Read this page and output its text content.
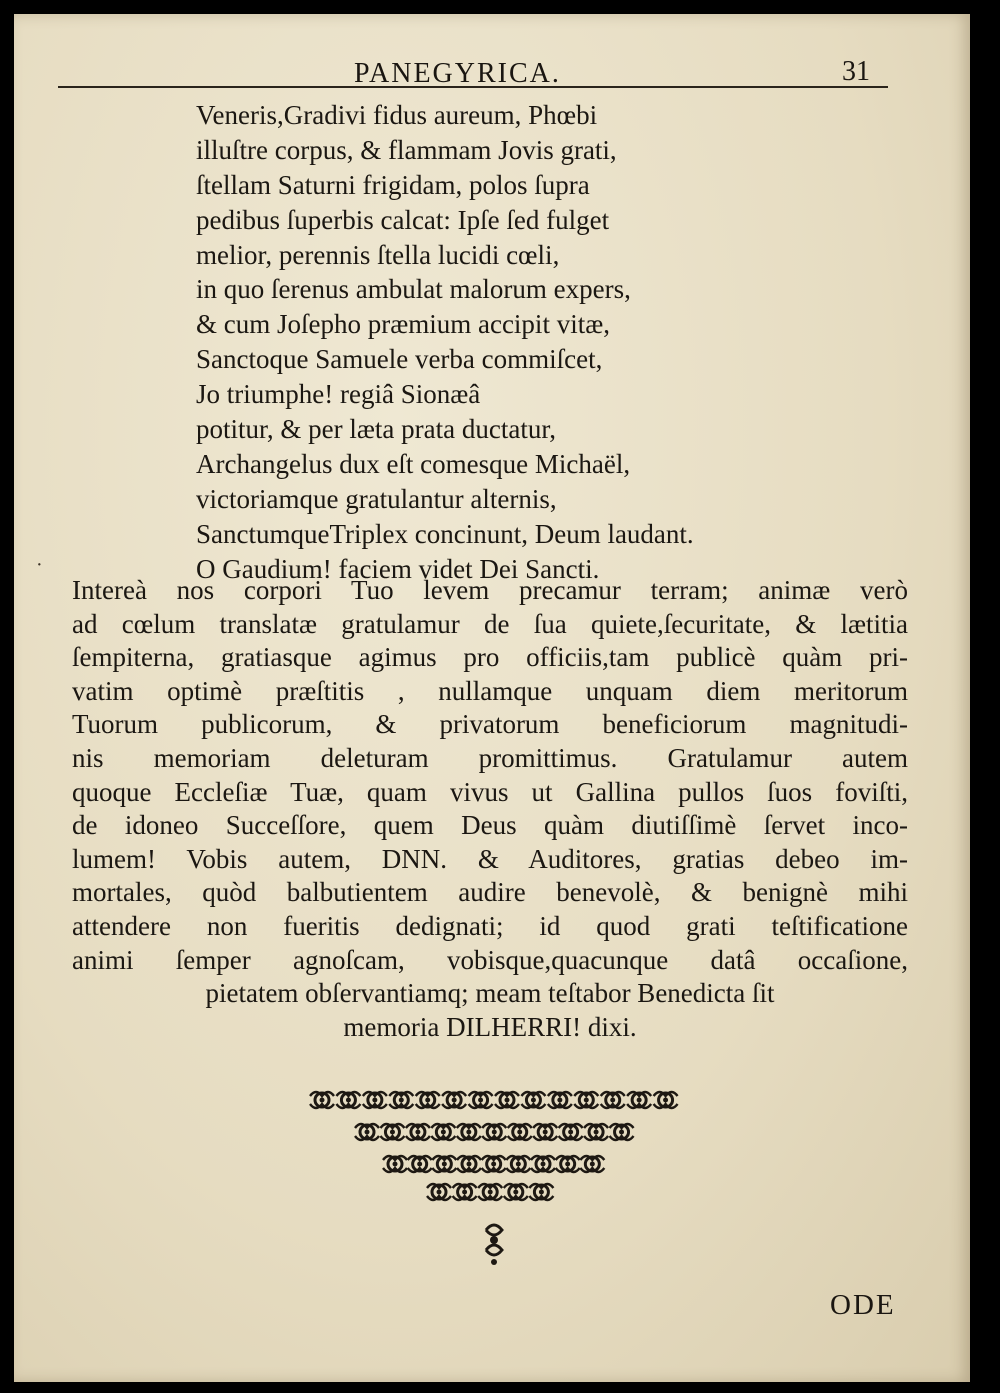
PANEGYRICA.	31
Veneris,Gradivi fidus aureum, Phœbi
illuſtre corpus, & flammam Jovis grati,
ſtellam Saturni frigidam, polos ſupra
pedibus ſuperbis calcat: Ipſe ſed fulget
melior, perennis ſtella lucidi cœli,
in quo ſerenus ambulat malorum expers,
& cum Joſepho præmium accipit vitæ,
Sanctoque Samuele verba commiſcet,
Jo triumphe! regiâ Sionæâ
potitur, & per læta prata ductatur,
Archangelus dux eſt comesque Michaël,
victoriamque gratulantur alternis,
SanctumqueTriplex concinunt, Deum laudant.
O Gaudium! faciem videt Dei Sancti.
Intereà nos corpori Tuo levem precamur terram; animæ verò
ad cœlum translatæ gratulamur de ſua quiete,ſecuritate, & lætitia
ſempiterna, gratiasque agimus pro officiis,tam publicè quàm pri-
vatim optimè præſtitis , nullamque unquam diem meritorum
Tuorum publicorum, & privatorum beneficiorum magnitudi-
nis memoriam deleturam promittimus. Gratulamur autem
quoque Eccleſiæ Tuæ, quam vivus ut Gallina pullos ſuos foviſti,
de idoneo Succeſſore, quem Deus quàm diutiſſimè ſervet inco-
lumem! Vobis autem, DNN. & Auditores, gratias debeo im-
mortales, quòd balbutientem audire benevolè, & benignè mihi
attendere non fueritis dedignati; id quod grati teſtificatione
animi ſemper agnoſcam, vobisque,quacunque datâ occaſione,
pietatem obſervantiamq; meam teſtabor Benedicta ſit
memoria DILHERRI! dixi.
·
ODE
